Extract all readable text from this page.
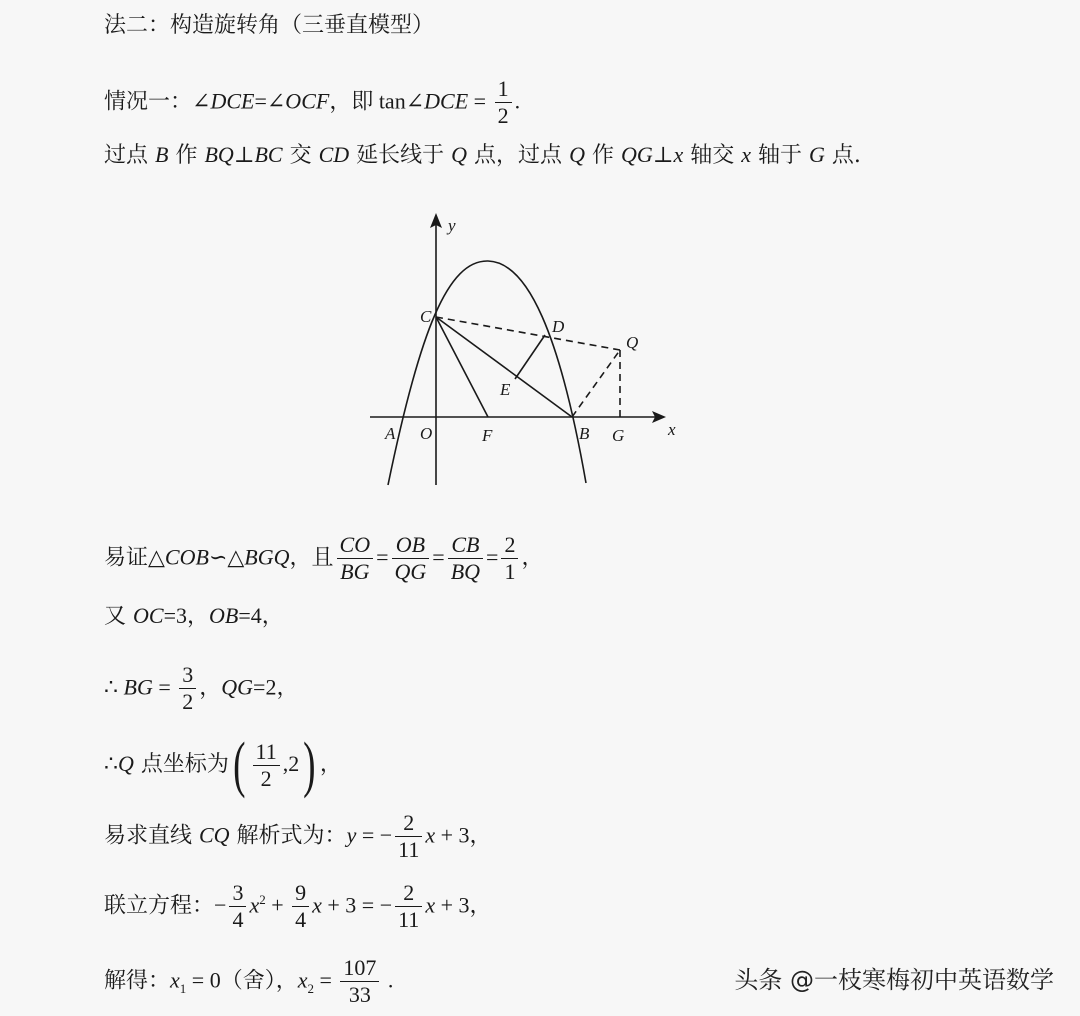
法二：构造旋转角（三垂直模型）
情况一：∠DCE=∠OCF，即 tan∠DCE = $\frac{1}{2}$ .
过点 B 作 BQ⊥BC 交 CD 延长线于 Q 点，过点 Q 作 QG⊥x 轴交 x 轴于 G 点.
y
x
C
D
Q
E
A O	F	B G
易证△COB∽△BGQ，且 $\frac{CO}{BG} = \frac{OB}{QG} = \frac{CB}{BQ} = \frac{2}{1}$ ，
又 OC=3，OB=4，
∴ BG = $\frac{3}{2}$ ，QG=2，
∴Q 点坐标为( $\frac{11}{2} ,2$) ，
易求直线 CQ 解析式为：y = − $\frac{2}{11}$ x + 3，
联立方程：− $\frac{3}{4} x^2 + \frac{9}{4}$ x + 3 = − $\frac{2}{11}$ x + 3，
解得：$x_1 = 0$（舍），$x_2 = \frac{107}{33}$ .	头条 @一枝寒梅初中英语数学
